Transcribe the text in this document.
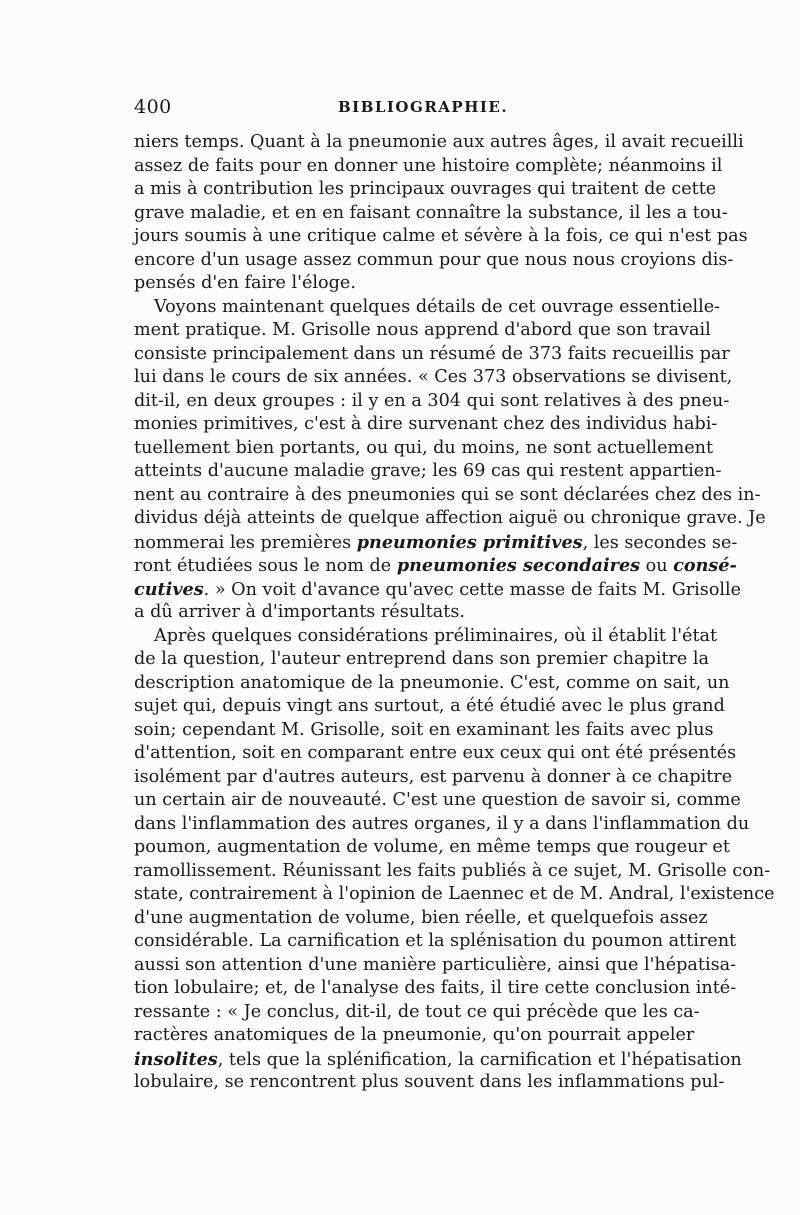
400	BIBLIOGRAPHIE.
niers temps. Quant à la pneumonie aux autres âges, il avait recueilli
assez de faits pour en donner une histoire complète; néanmoins il
a mis à contribution les principaux ouvrages qui traitent de cette
grave maladie, et en en faisant connaître la substance, il les a tou-
jours soumis à une critique calme et sévère à la fois, ce qui n'est pas
encore d'un usage assez commun pour que nous nous croyions dis-
pensés d'en faire l'éloge.
Voyons maintenant quelques détails de cet ouvrage essentielle-
ment pratique. M. Grisolle nous apprend d'abord que son travail
consiste principalement dans un résumé de 373 faits recueillis par
lui dans le cours de six années. « Ces 373 observations se divisent,
dit-il, en deux groupes : il y en a 304 qui sont relatives à des pneu-
monies primitives, c'est à dire survenant chez des individus habi-
tuellement bien portants, ou qui, du moins, ne sont actuellement
atteints d'aucune maladie grave; les 69 cas qui restent appartien-
nent au contraire à des pneumonies qui se sont déclarées chez des in-
dividus déjà atteints de quelque affection aiguë ou chronique grave. Je
nommerai les premières pneumonies primitives, les secondes se-
ront étudiées sous le nom de pneumonies secondaires ou consé-
cutives. » On voit d'avance qu'avec cette masse de faits M. Grisolle
a dû arriver à d'importants résultats.
Après quelques considérations préliminaires, où il établit l'état
de la question, l'auteur entreprend dans son premier chapitre la
description anatomique de la pneumonie. C'est, comme on sait, un
sujet qui, depuis vingt ans surtout, a été étudié avec le plus grand
soin; cependant M. Grisolle, soit en examinant les faits avec plus
d'attention, soit en comparant entre eux ceux qui ont été présentés
isolément par d'autres auteurs, est parvenu à donner à ce chapitre
un certain air de nouveauté. C'est une question de savoir si, comme
dans l'inflammation des autres organes, il y a dans l'inflammation du
poumon, augmentation de volume, en même temps que rougeur et
ramollissement. Réunissant les faits publiés à ce sujet, M. Grisolle con-
state, contrairement à l'opinion de Laennec et de M. Andral, l'existence
d'une augmentation de volume, bien réelle, et quelquefois assez
considérable. La carnification et la splénisation du poumon attirent
aussi son attention d'une manière particulière, ainsi que l'hépatisa-
tion lobulaire; et, de l'analyse des faits, il tire cette conclusion inté-
ressante : « Je conclus, dit-il, de tout ce qui précède que les ca-
ractères anatomiques de la pneumonie, qu'on pourrait appeler
insolites, tels que la splénification, la carnification et l'hépatisation
lobulaire, se rencontrent plus souvent dans les inflammations pul-
